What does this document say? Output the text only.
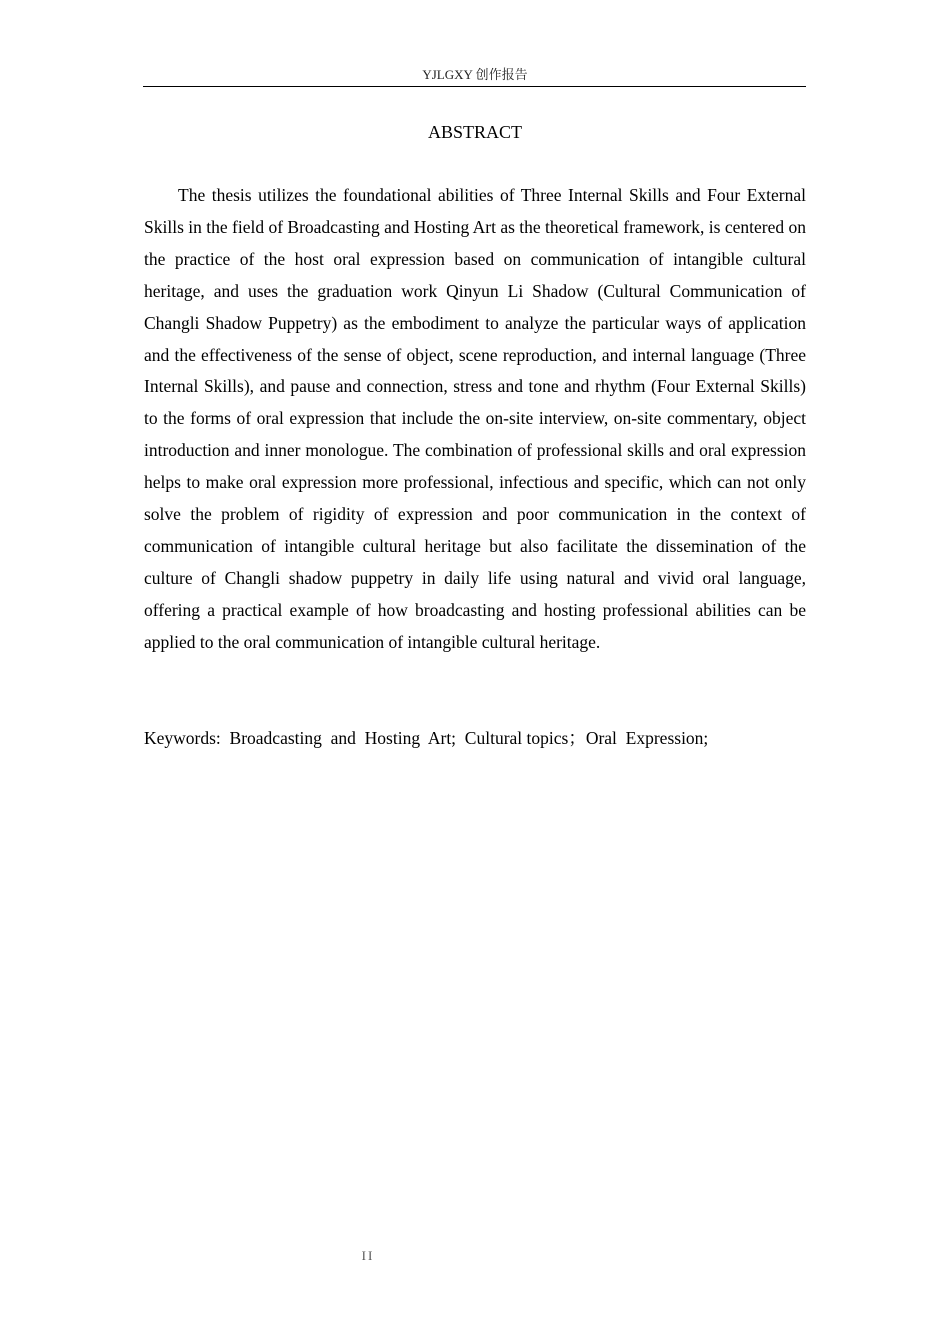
YJLGXY 创作报告
ABSTRACT

The thesis utilizes the foundational abilities of Three Internal Skills and Four External Skills in the field of Broadcasting and Hosting Art as the theoretical framework, is centered on the practice of the host oral expression based on communication of intangible cultural heritage, and uses the graduation work Qinyun Li Shadow (Cultural Communication of Changli Shadow Puppetry) as the embodiment to analyze the particular ways of application and the effectiveness of the sense of object, scene reproduction, and internal language (Three Internal Skills), and pause and connection, stress and tone and rhythm (Four External Skills) to the forms of oral expression that include the on-site interview, on-site commentary, object introduction and inner monologue. The combination of professional skills and oral expression helps to make oral expression more professional, infectious and specific, which can not only solve the problem of rigidity of expression and poor communication in the context of communication of intangible cultural heritage but also facilitate the dissemination of the culture of Changli shadow puppetry in daily life using natural and vivid oral language, offering a practical example of how broadcasting and hosting professional abilities can be applied to the oral communication of intangible cultural heritage.

Keywords:  Broadcasting  and  Hosting  Art;  Cultural topics；Oral  Expression;

II
